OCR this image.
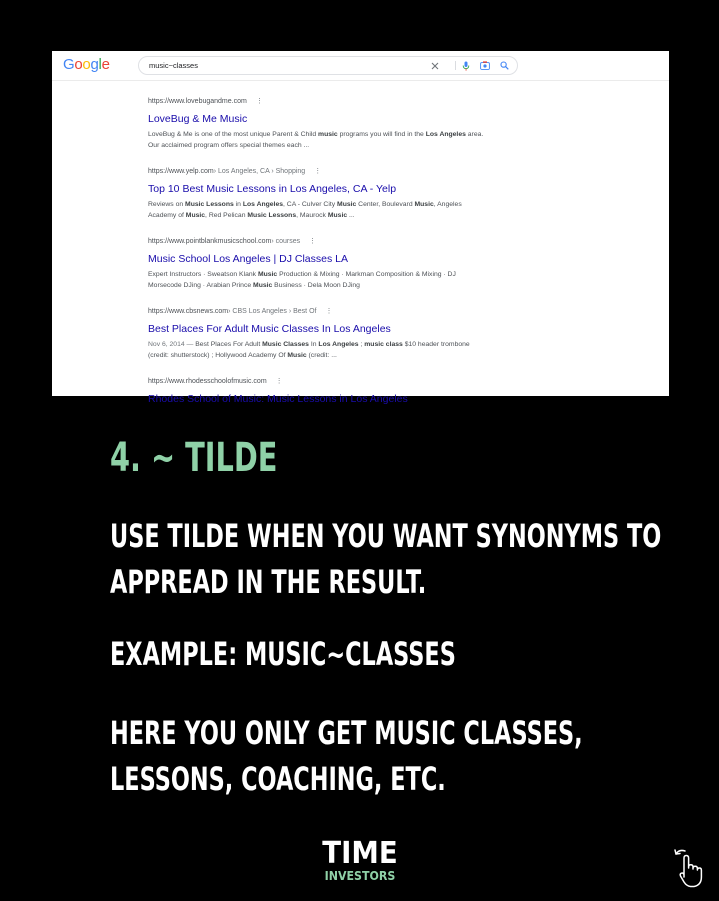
Google	music~classes
https://www.lovebugandme.com ⋮
LoveBug & Me Music
LoveBug & Me is one of the most unique Parent & Child music programs you will find in the Los Angeles area. Our acclaimed program offers special themes each ...
https://www.yelp.com › Los Angeles, CA › Shopping ⋮
Top 10 Best Music Lessons in Los Angeles, CA - Yelp
Reviews on Music Lessons in Los Angeles, CA - Culver City Music Center, Boulevard Music, Angeles Academy of Music, Red Pelican Music Lessons, Maurock Music ...
https://www.pointblankmusicschool.com › courses ⋮
Music School Los Angeles | DJ Classes LA
Expert Instructors · Sweatson Klank Music Production & Mixing · Markman Composition & Mixing · DJ Morsecode DJing · Arabian Prince Music Business · Dela Moon DJing
https://www.cbsnews.com › CBS Los Angeles › Best Of ⋮
Best Places For Adult Music Classes In Los Angeles
Nov 6, 2014 — Best Places For Adult Music Classes In Los Angeles ; music class $10 header trombone (credit: shutterstock) ; Hollywood Academy Of Music (credit: ...
https://www.rhodesschoolofmusic.com ⋮
Rhodes School of Music: Music Lessons in Los Angeles
4. ~ TILDE
USE TILDE WHEN YOU WANT SYNONYMS TO
APPREAD IN THE RESULT.
EXAMPLE: MUSIC~CLASSES
HERE YOU ONLY GET MUSIC CLASSES,
LESSONS, COACHING, ETC.
TIME
INVESTORS
